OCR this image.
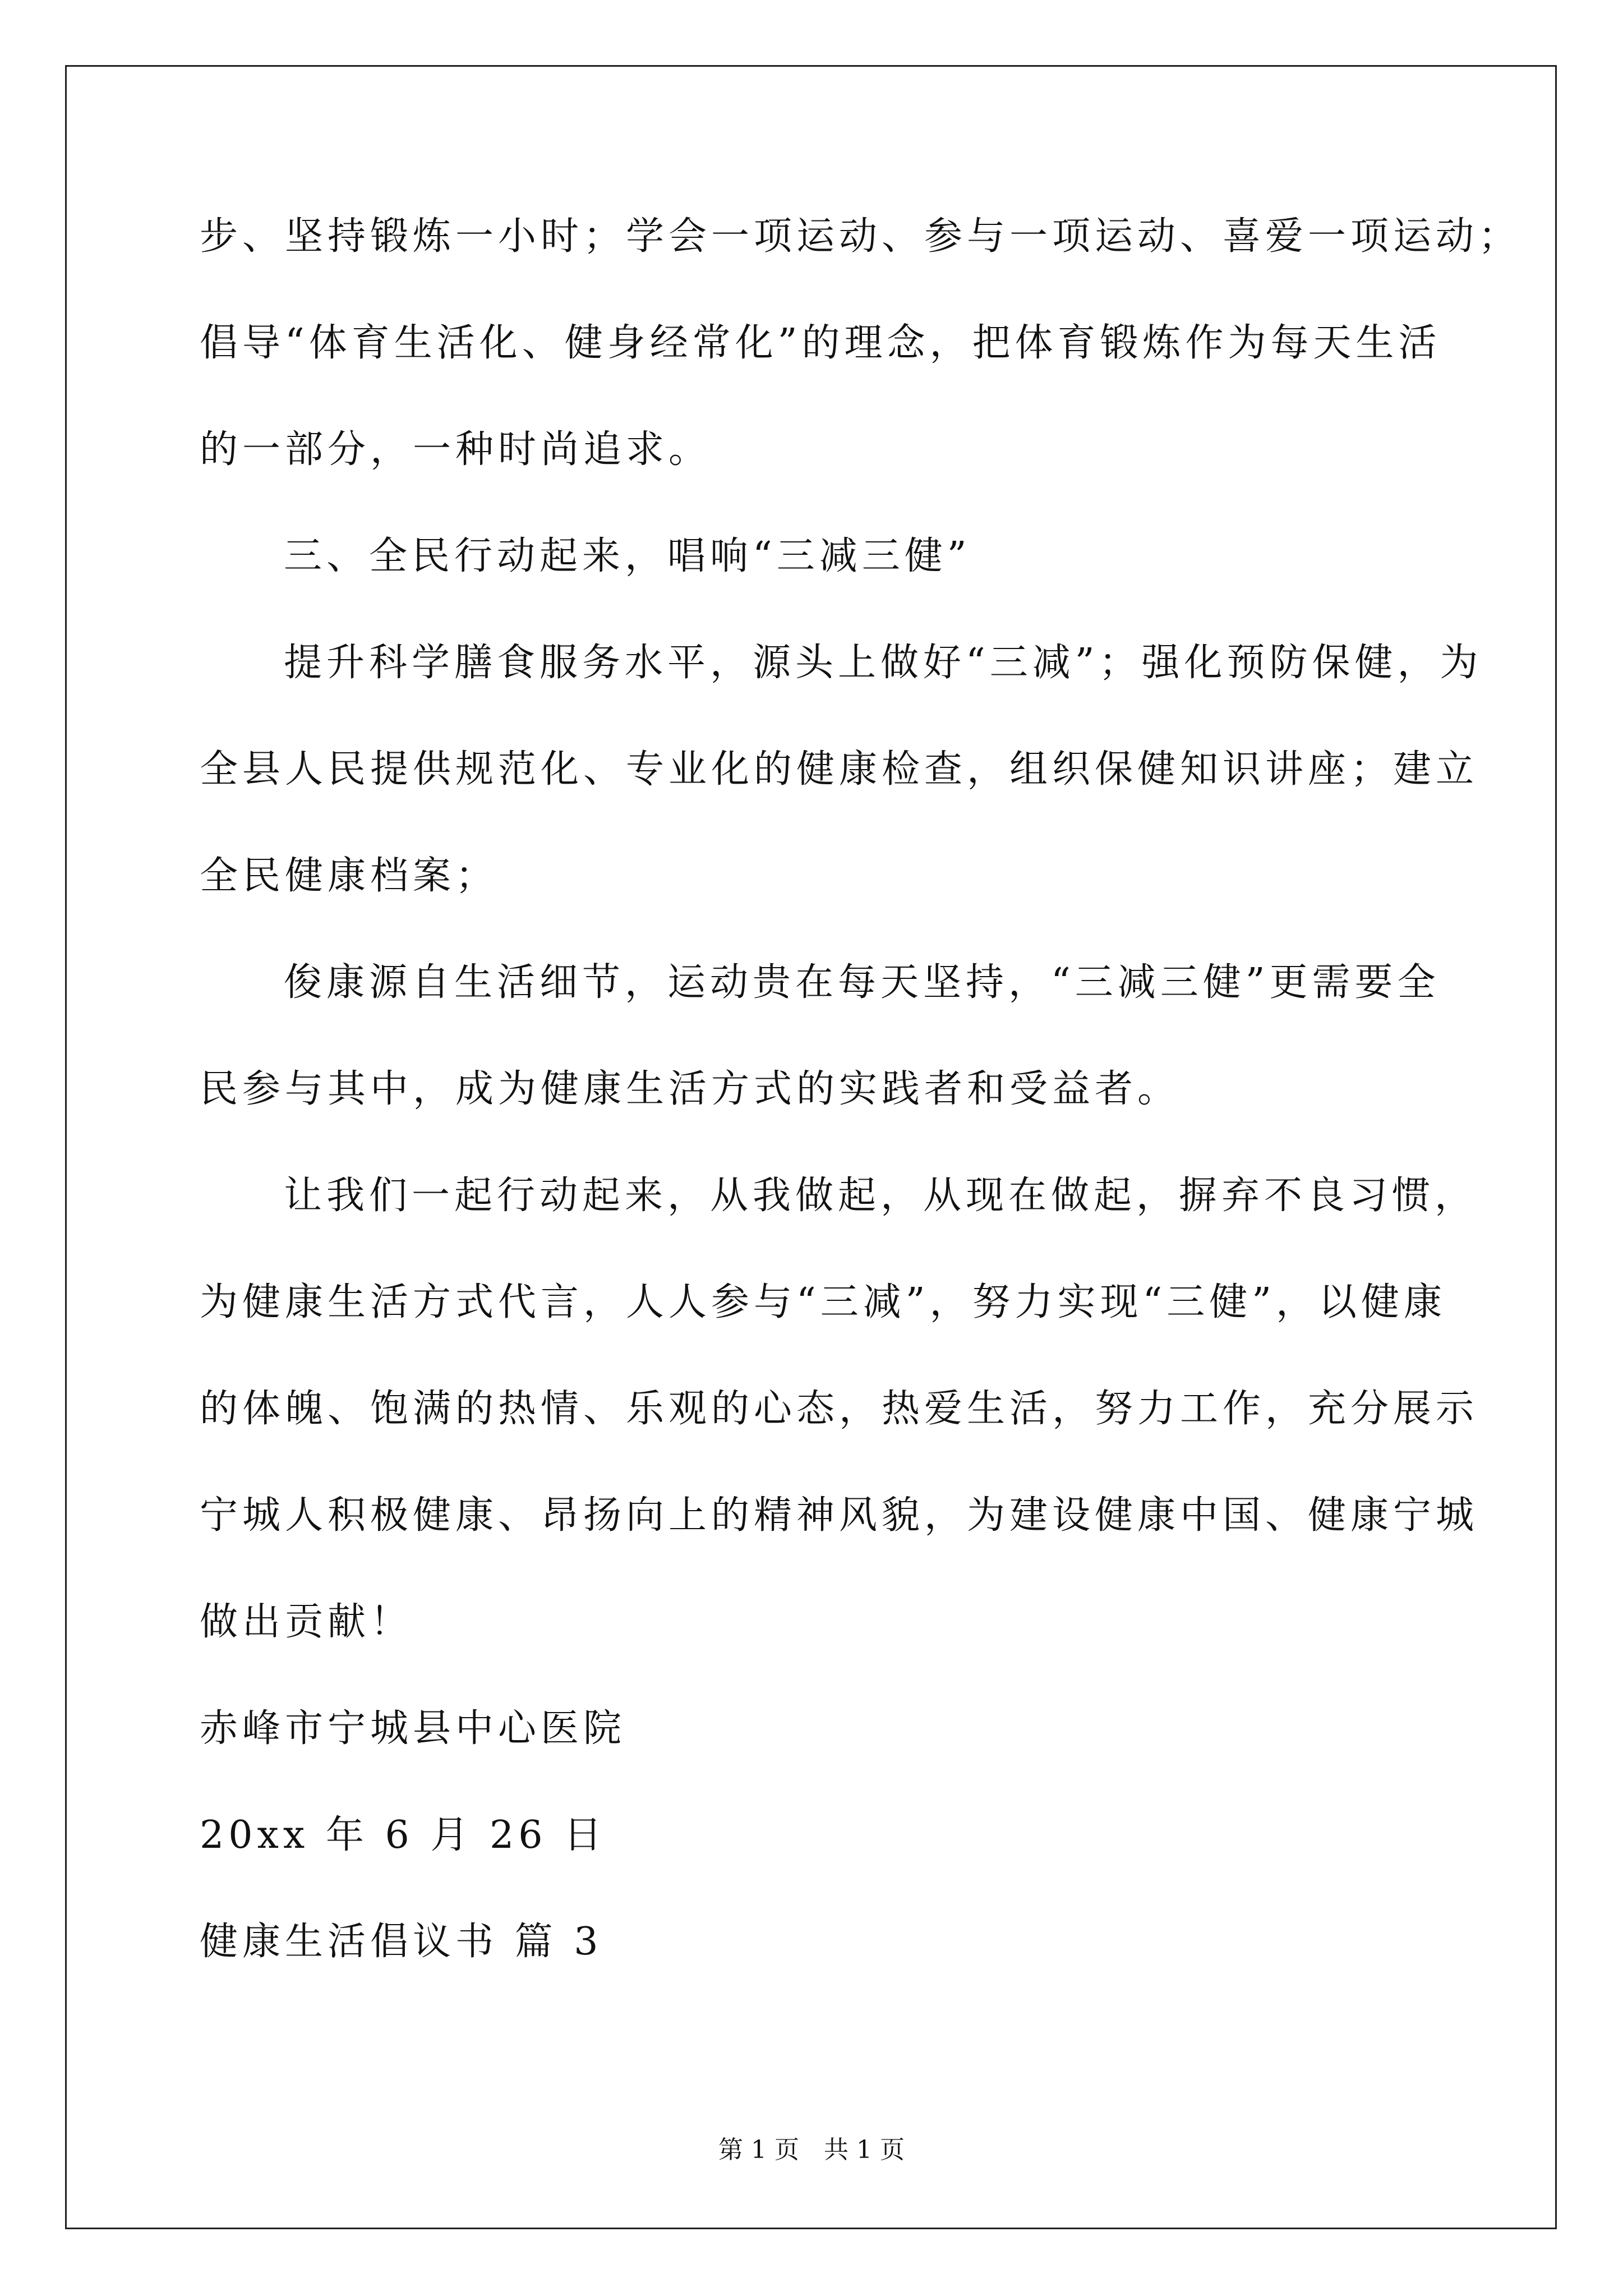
步、坚持锻炼一小时；学会一项运动、参与一项运动、喜爱一项运动；
倡导“体育生活化、健身经常化”的理念，把体育锻炼作为每天生活
的一部分，一种时尚追求。
三、全民行动起来，唱响“三减三健”
提升科学膳食服务水平，源头上做好“三减”；强化预防保健，为
全县人民提供规范化、专业化的健康检查，组织保健知识讲座；建立
全民健康档案；
俊康源自生活细节，运动贵在每天坚持，“三减三健”更需要全
民参与其中，成为健康生活方式的实践者和受益者。
让我们一起行动起来，从我做起，从现在做起，摒弃不良习惯，
为健康生活方式代言，人人参与“三减”，努力实现“三健”，以健康
的体魄、饱满的热情、乐观的心态，热爱生活，努力工作，充分展示
宁城人积极健康、昂扬向上的精神风貌，为建设健康中国、健康宁城
做出贡献！
赤峰市宁城县中心医院
20xx 年 6 月 26 日
健康生活倡议书 篇 3
第 1 页　共 1 页
